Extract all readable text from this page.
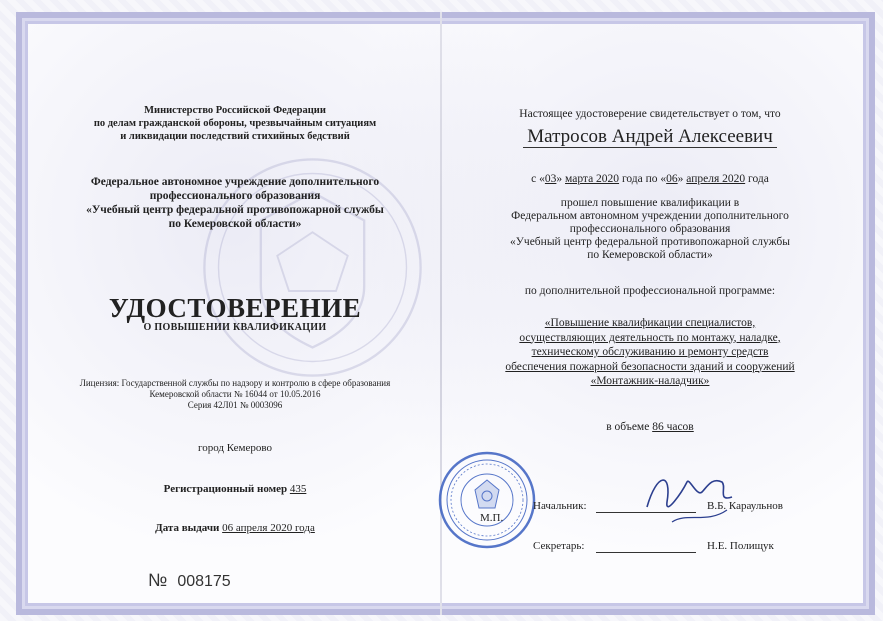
Министерство Российской Федерации
по делам гражданской обороны, чрезвычайным ситуациям
и ликвидации последствий стихийных бедствий
Федеральное автономное учреждение дополнительного
профессионального образования
«Учебный центр федеральной противопожарной службы
по Кемеровской области»
УДОСТОВЕРЕНИЕ
О ПОВЫШЕНИИ КВАЛИФИКАЦИИ
Лицензия: Государственной службы по надзору и контролю в сфере образования
Кемеровской области № 16044 от 10.05.2016
Серия 42Л01 № 0003096
город Кемерово
Регистрационный номер 435
Дата выдачи 06 апреля 2020 года
№ 008175
Настоящее удостоверение свидетельствует о том, что
Матросов Андрей Алексеевич
с «03» марта 2020 года по «06» апреля 2020 года
прошел повышение квалификации в
Федеральном автономном учреждении дополнительного
профессионального образования
«Учебный центр федеральной противопожарной службы
по Кемеровской области»
по дополнительной профессиональной программе:
«Повышение квалификации специалистов,
осуществляющих деятельность по монтажу, наладке,
техническому обслуживанию и ремонту средств
обеспечения пожарной безопасности зданий и сооружений
«Монтажник-наладчик»
в объеме 86 часов
М.П.
Начальник:	В.Б. Караульнов
Секретарь:	Н.Е. Полищук
